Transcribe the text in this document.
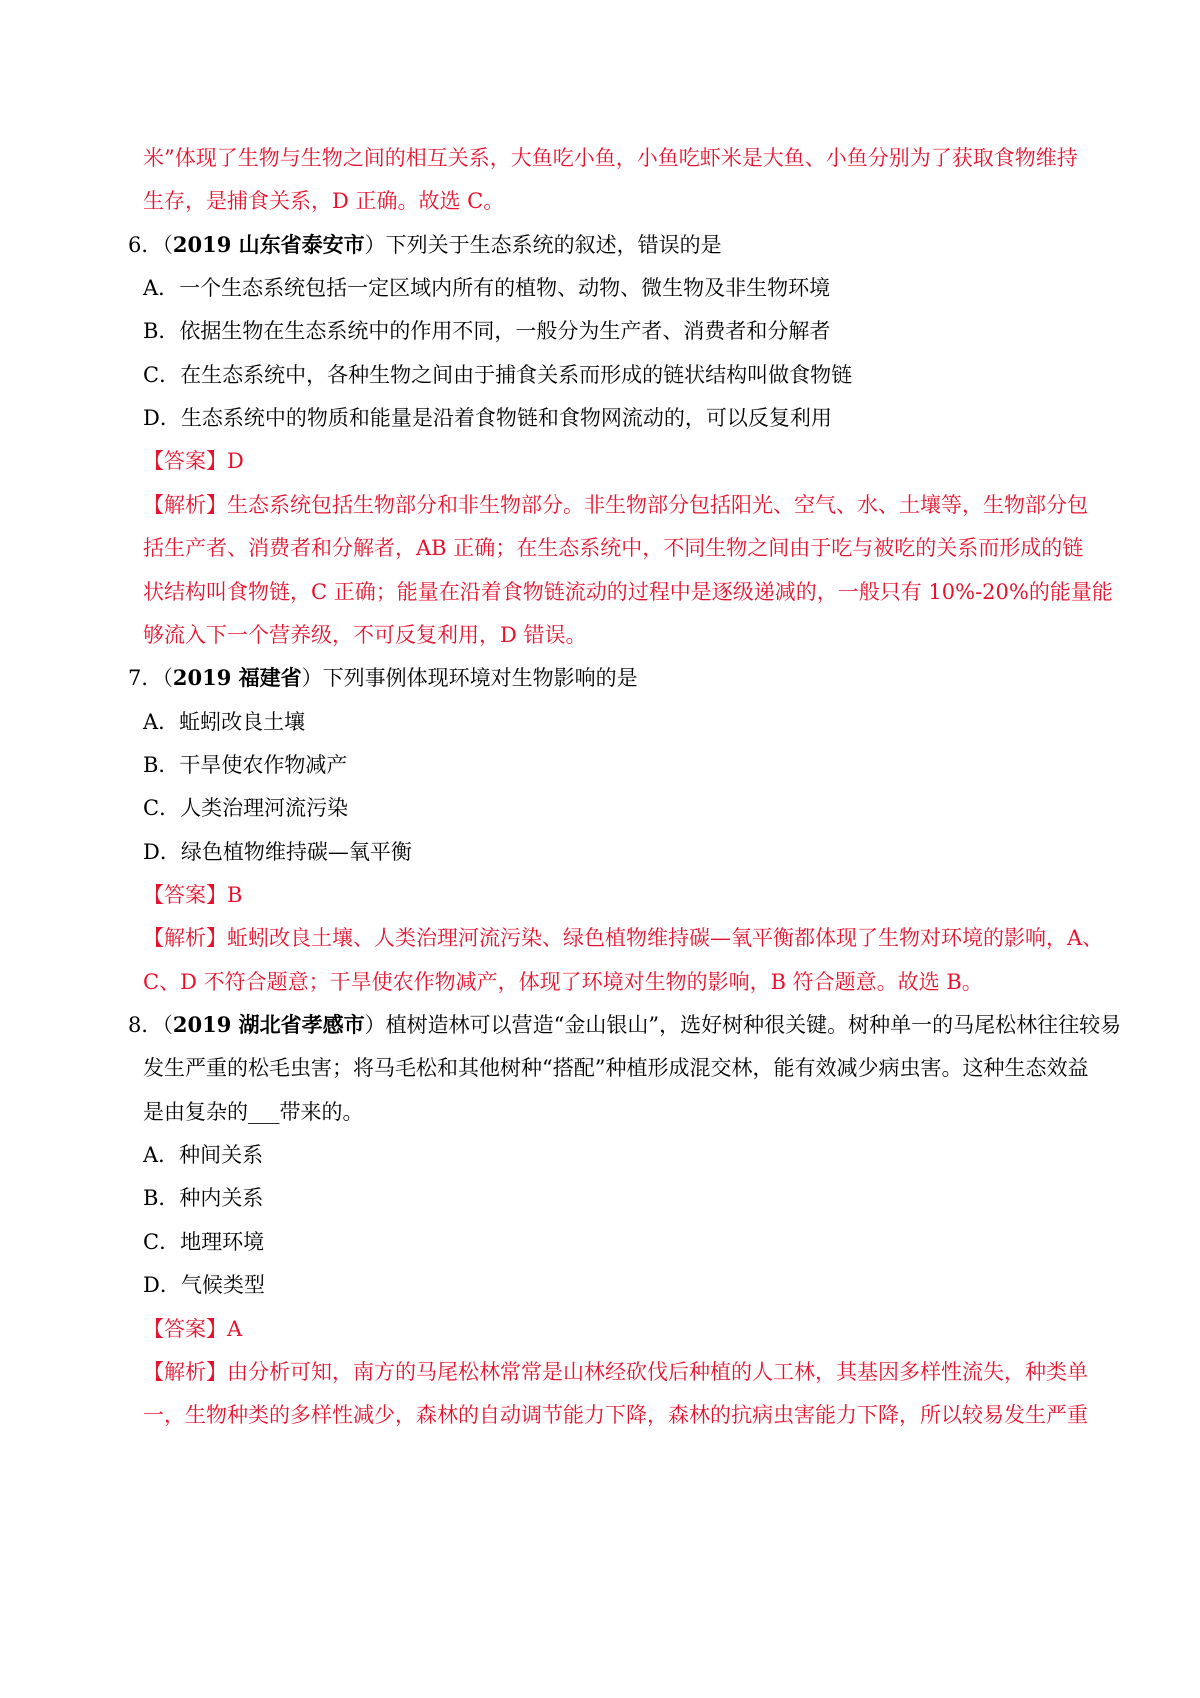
米”体现了生物与生物之间的相互关系，大鱼吃小鱼，小鱼吃虾米是大鱼、小鱼分别为了获取食物维持
生存，是捕食关系，D 正确。故选 C。
6．（2019 山东省泰安市）下列关于生态系统的叙述，错误的是
A．一个生态系统包括一定区域内所有的植物、动物、微生物及非生物环境
B．依据生物在生态系统中的作用不同，一般分为生产者、消费者和分解者
C．在生态系统中，各种生物之间由于捕食关系而形成的链状结构叫做食物链
D．生态系统中的物质和能量是沿着食物链和食物网流动的，可以反复利用
【答案】D
【解析】生态系统包括生物部分和非生物部分。非生物部分包括阳光、空气、水、土壤等，生物部分包
括生产者、消费者和分解者，AB 正确；在生态系统中，不同生物之间由于吃与被吃的关系而形成的链
状结构叫食物链，C 正确；能量在沿着食物链流动的过程中是逐级递减的，一般只有 10%-20%的能量能
够流入下一个营养级，不可反复利用，D 错误。
7．（2019 福建省）下列事例体现环境对生物影响的是
A．蚯蚓改良土壤
B．干旱使农作物减产
C．人类治理河流污染
D．绿色植物维持碳—氧平衡
【答案】B
【解析】蚯蚓改良土壤、人类治理河流污染、绿色植物维持碳—氧平衡都体现了生物对环境的影响，A、
C、D 不符合题意；干旱使农作物减产，体现了环境对生物的影响，B 符合题意。故选 B。
8．（2019 湖北省孝感市）植树造林可以营造“金山银山”，选好树种很关键。树种单一的马尾松林往往较易
发生严重的松毛虫害；将马毛松和其他树种“搭配”种植形成混交林，能有效减少病虫害。这种生态效益
是由复杂的___带来的。
A．种间关系
B．种内关系
C．地理环境
D．气候类型
【答案】A
【解析】由分析可知，南方的马尾松林常常是山林经砍伐后种植的人工林，其基因多样性流失，种类单
一，生物种类的多样性减少，森林的自动调节能力下降，森林的抗病虫害能力下降，所以较易发生严重
